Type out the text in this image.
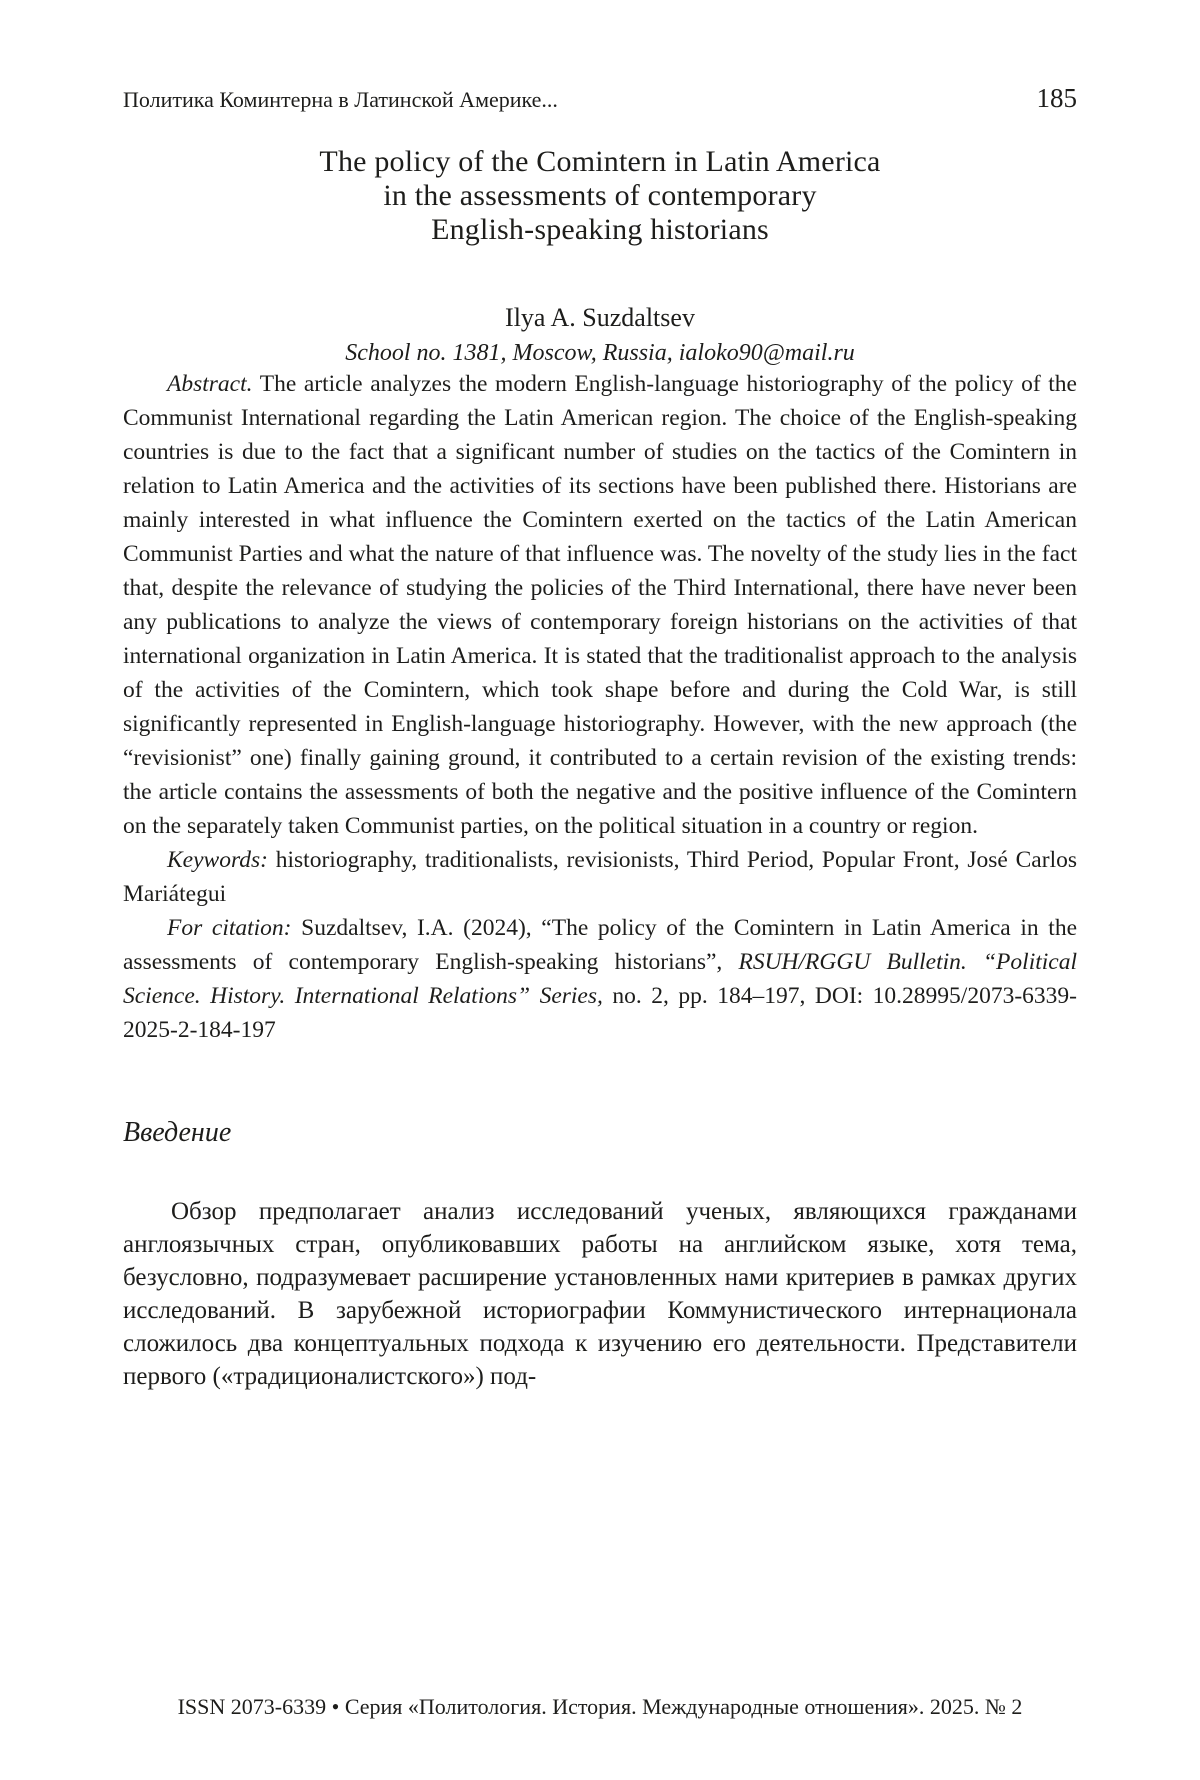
Политика Коминтерна в Латинской Америке...	185
The policy of the Comintern in Latin America
in the assessments of contemporary
English-speaking historians
Ilya A. Suzdaltsev
School no. 1381, Moscow, Russia, ialoko90@mail.ru

Abstract. The article analyzes the modern English-language historiography of the policy of the Communist International regarding the Latin American region. The choice of the English-speaking countries is due to the fact that a significant number of studies on the tactics of the Comintern in relation to Latin America and the activities of its sections have been published there. Historians are mainly interested in what influence the Comintern exerted on the tactics of the Latin American Communist Parties and what the nature of that influence was. The novelty of the study lies in the fact that, despite the relevance of studying the policies of the Third International, there have never been any publications to analyze the views of contemporary foreign historians on the activities of that international organization in Latin America. It is stated that the traditionalist approach to the analysis of the activities of the Comintern, which took shape before and during the Cold War, is still significantly represented in English-language historiography. However, with the new approach (the “revisionist” one) finally gaining ground, it contributed to a certain revision of the existing trends: the article contains the assessments of both the negative and the positive influence of the Comintern on the separately taken Communist parties, on the political situation in a country or region.

Keywords: historiography, traditionalists, revisionists, Third Period, Popular Front, José Carlos Mariátegui

For citation: Suzdaltsev, I.A. (2024), “The policy of the Comintern in Latin America in the assessments of contemporary English-speaking historians”, RSUH/RGGU Bulletin. “Political Science. History. International Relations” Series, no. 2, pp. 184–197, DOI: 10.28995/2073-6339-2025-2-184-197

Введение

Обзор предполагает анализ исследований ученых, являющихся гражданами англоязычных стран, опубликовавших работы на английском языке, хотя тема, безусловно, подразумевает расширение установленных нами критериев в рамках других исследований. В зарубежной историографии Коммунистического интернационала сложилось два концептуальных подхода к изучению его деятельности. Представители первого («традиционалистского») под-

ISSN 2073-6339 • Серия «Политология. История. Международные отношения». 2025. № 2
